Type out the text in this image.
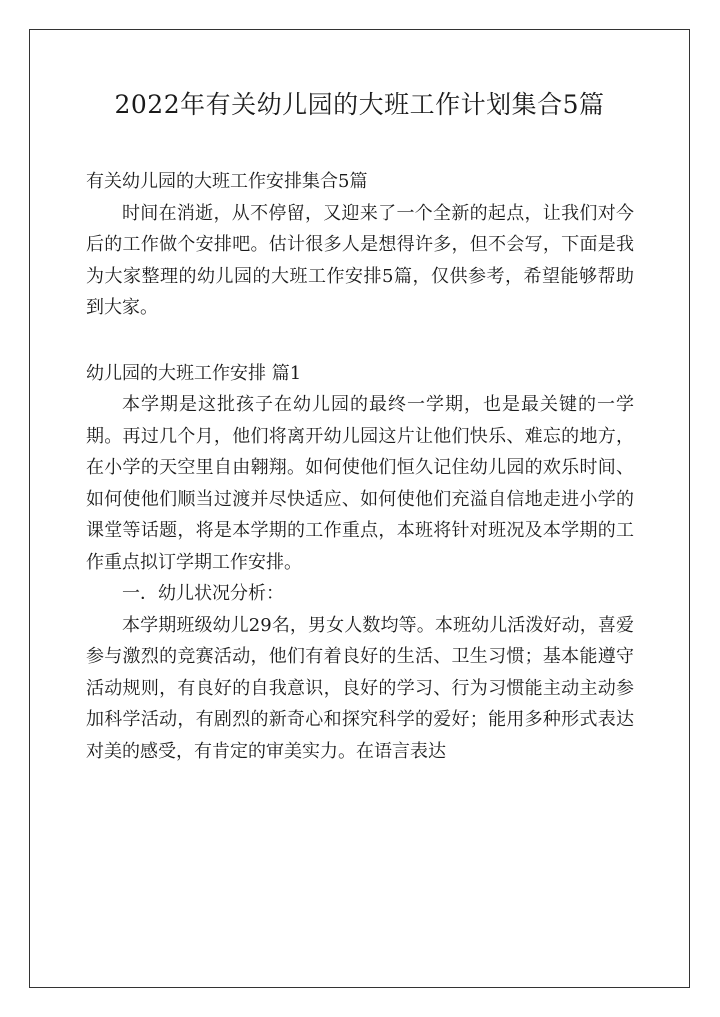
2022年有关幼儿园的大班工作计划集合5篇

有关幼儿园的大班工作安排集合5篇

时间在消逝，从不停留，又迎来了一个全新的起点，让我们对今后的工作做个安排吧。估计很多人是想得许多，但不会写，下面是我为大家整理的幼儿园的大班工作安排5篇，仅供参考，希望能够帮助到大家。

幼儿园的大班工作安排 篇1

本学期是这批孩子在幼儿园的最终一学期，也是最关键的一学期。再过几个月，他们将离开幼儿园这片让他们快乐、难忘的地方，在小学的天空里自由翱翔。如何使他们恒久记住幼儿园的欢乐时间、如何使他们顺当过渡并尽快适应、如何使他们充溢自信地走进小学的课堂等话题，将是本学期的工作重点，本班将针对班况及本学期的工作重点拟订学期工作安排。

一．幼儿状况分析：

本学期班级幼儿29名，男女人数均等。本班幼儿活泼好动，喜爱参与激烈的竞赛活动，他们有着良好的生活、卫生习惯；基本能遵守活动规则，有良好的自我意识，良好的学习、行为习惯能主动主动参加科学活动，有剧烈的新奇心和探究科学的爱好；能用多种形式表达对美的感受，有肯定的审美实力。在语言表达
